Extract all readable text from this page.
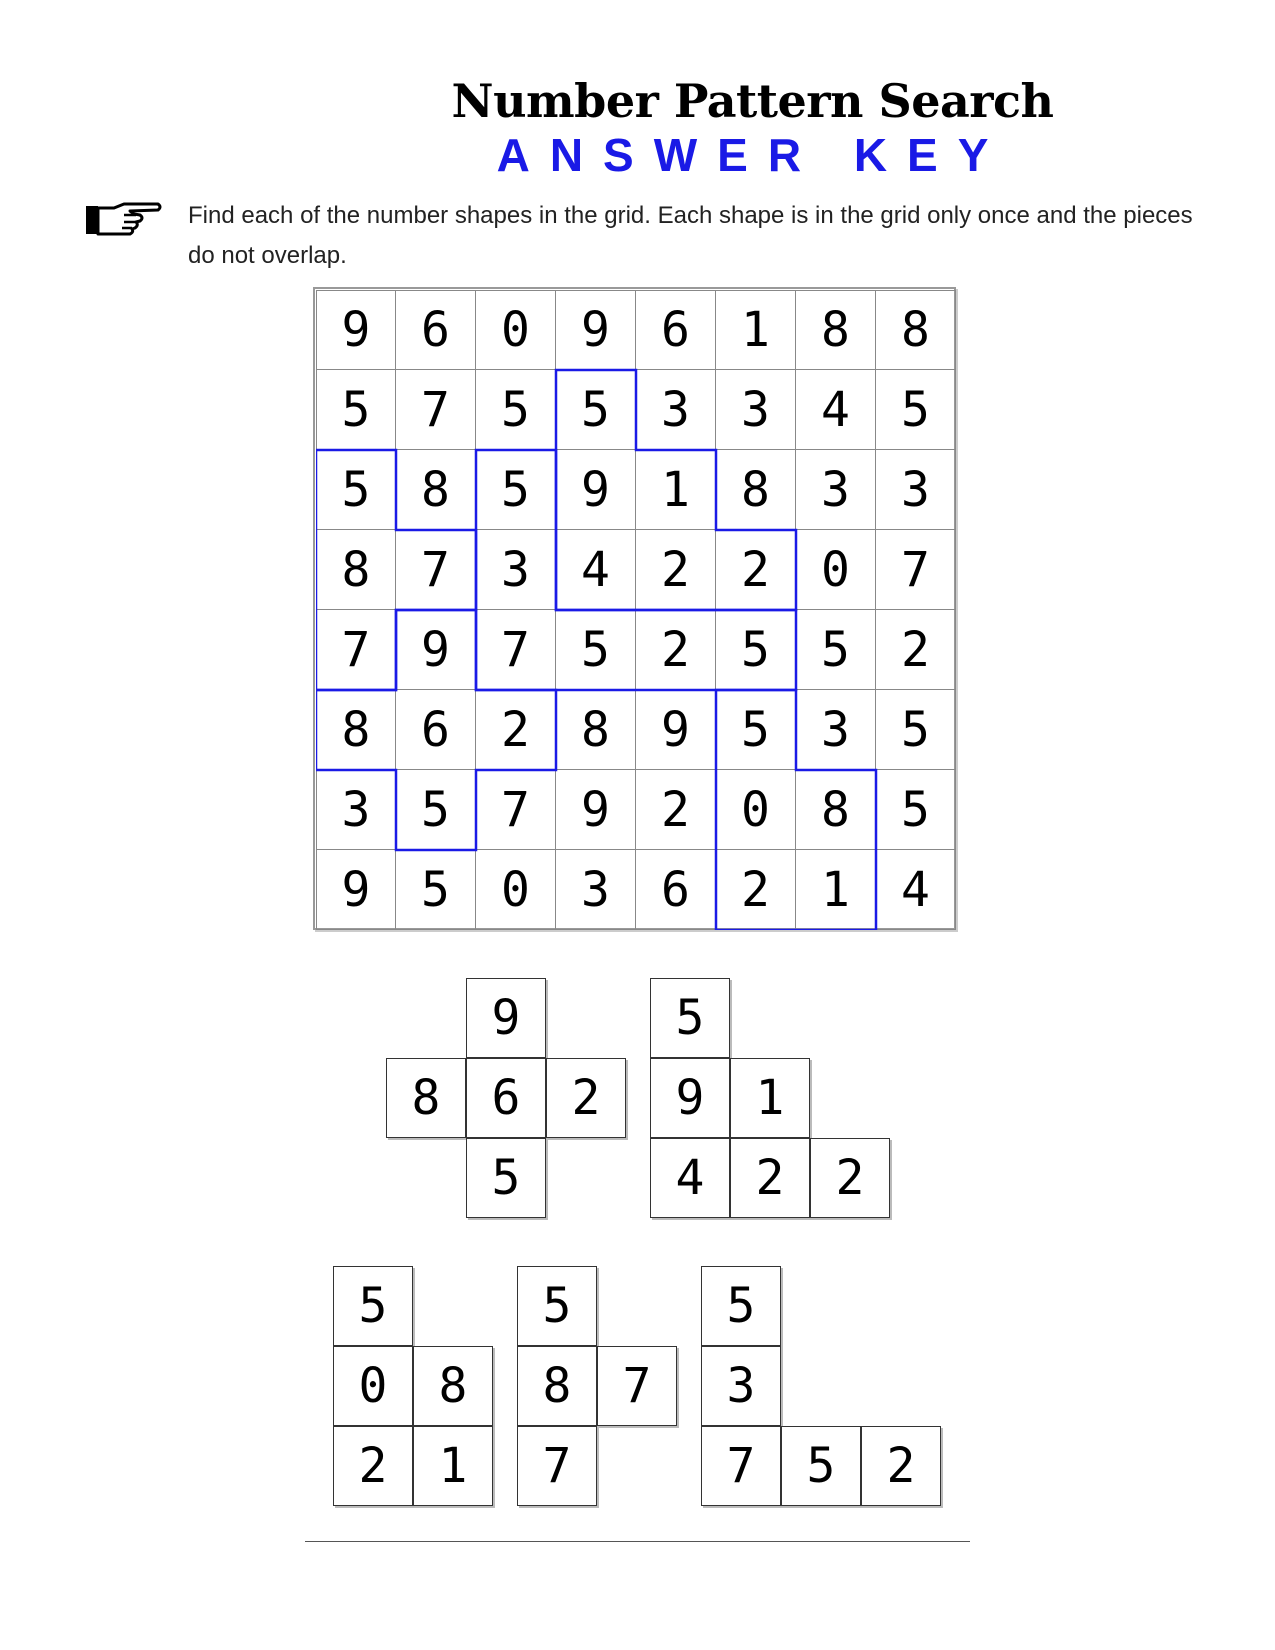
Number Pattern Search
ANSWER KEY
Find each of the number shapes in the grid. Each shape is in the grid only once and the pieces do not overlap.
9	6	0	9	6	1	8	8
5	7	5	5	3	3	4	5
5	8	5	9	1	8	3	3
8	7	3	4	2	2	0	7
7	9	7	5	2	5	5	2
8	6	2	8	9	5	3	5
3	5	7	9	2	0	8	5
9	5	0	3	6	2	1	4
9
8	6	2
5
5
9	1
4	2	2
5
0	8
2	1
5
8	7
7
5
3
7	5	2
